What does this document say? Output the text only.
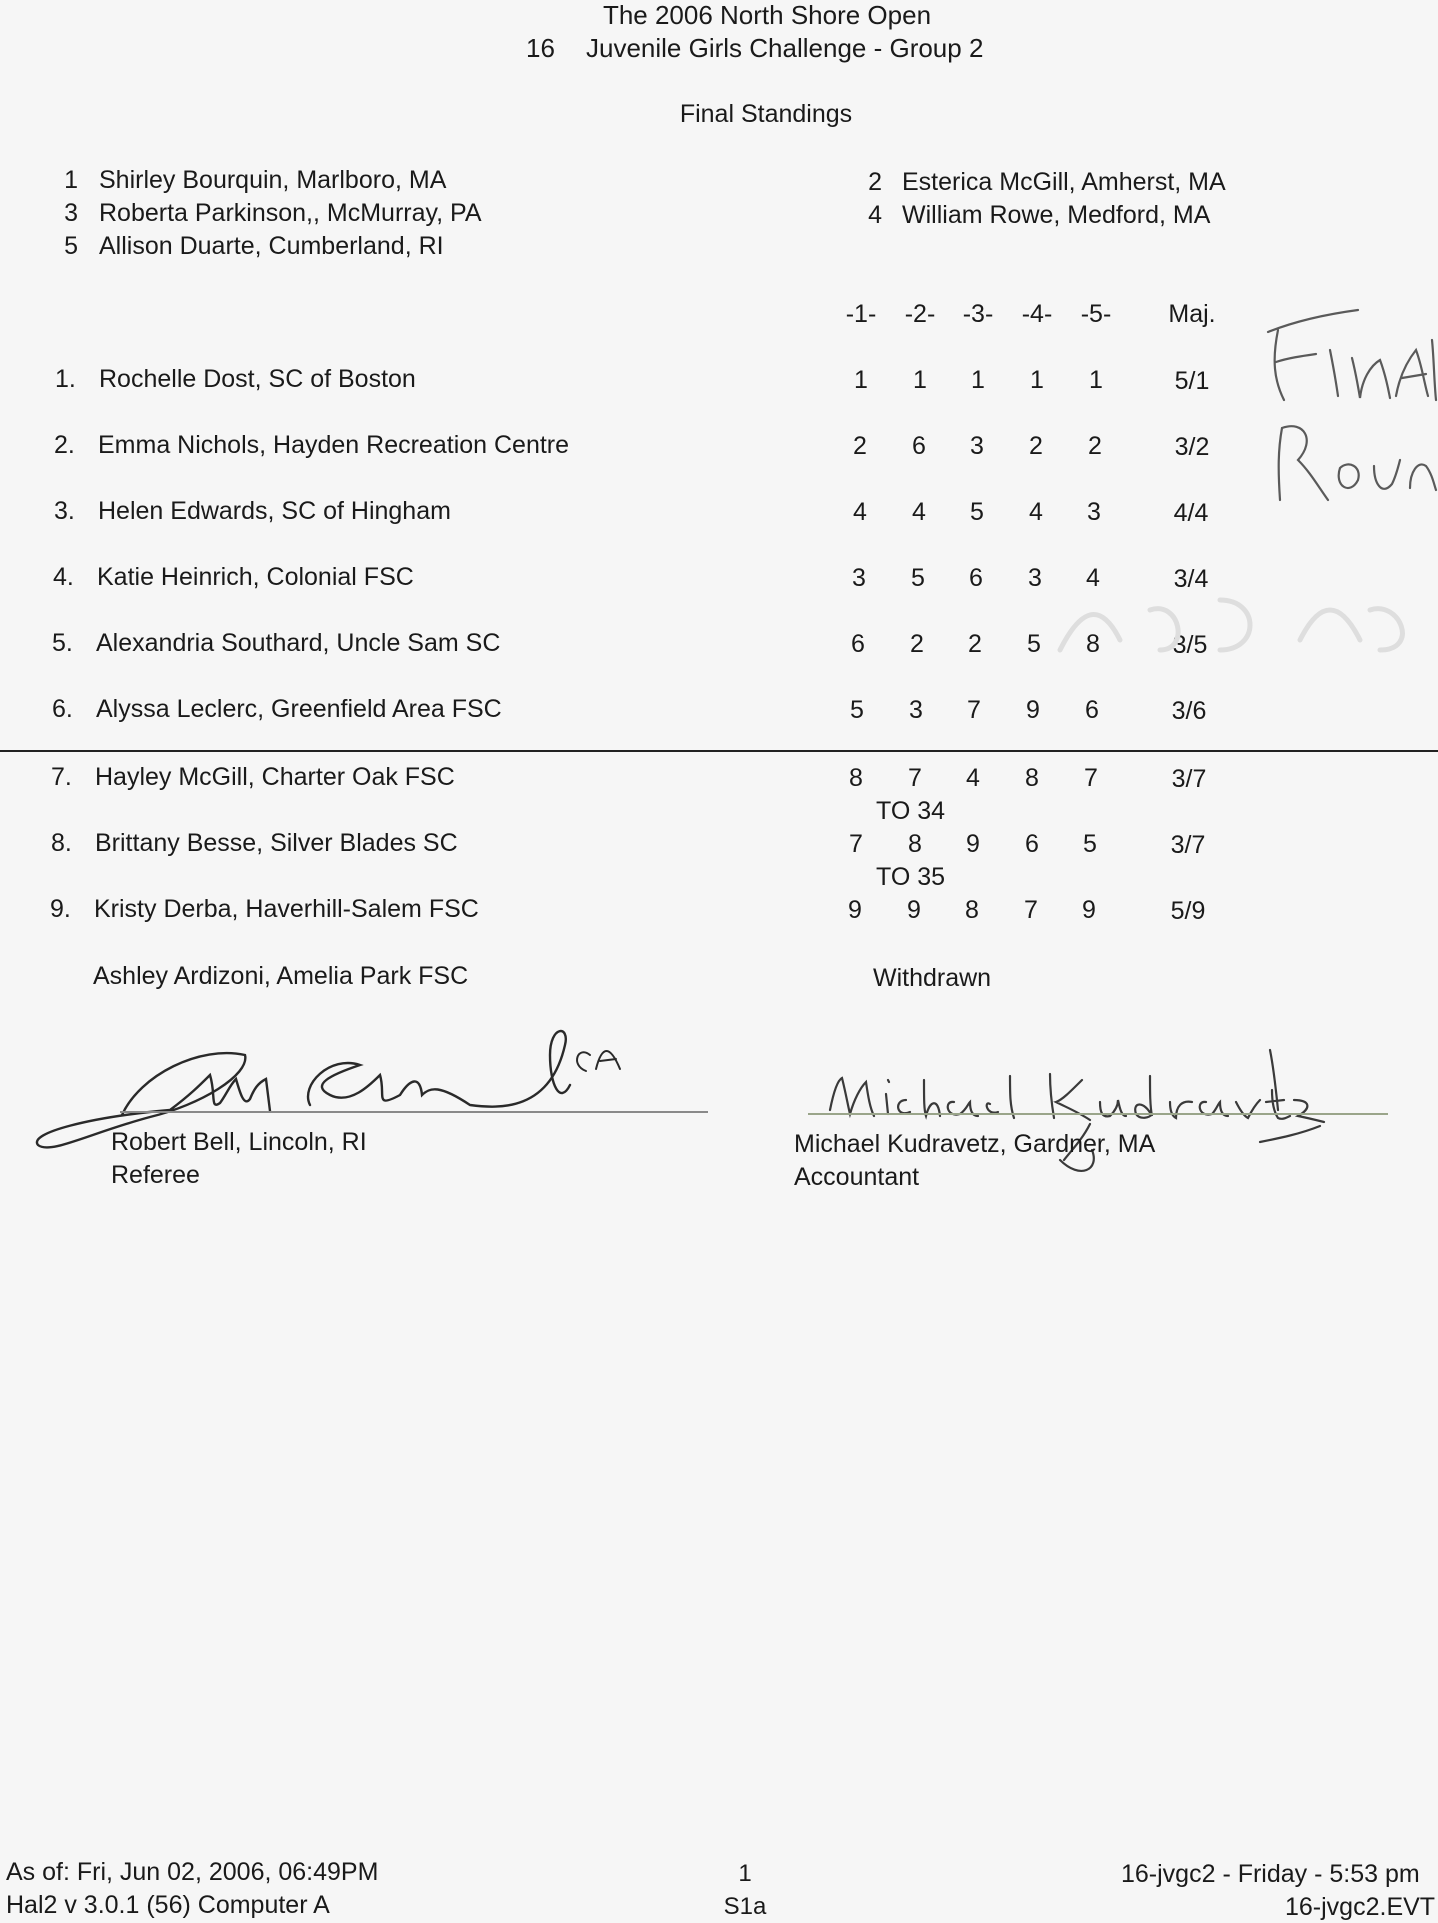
The 2006 North Shore Open
16 Juvenile Girls Challenge - Group 2
Final Standings
1 Shirley Bourquin, Marlboro, MA	2 Esterica McGill, Amherst, MA
3 Roberta Parkinson,, McMurray, PA	4 William Rowe, Medford, MA
5 Allison Duarte, Cumberland, RI
-1- -2- -3- -4- -5-	Maj.
1. Rochelle Dost, SC of Boston	1	1	1	1	1	5/1
2. Emma Nichols, Hayden Recreation Centre	2	6	3	2	2	3/2
3. Helen Edwards, SC of Hingham	4	4	5	4	3	4/4
4. Katie Heinrich, Colonial FSC	3	5	6	3	4	3/4
5. Alexandria Southard, Uncle Sam SC	6	2	2	5	8	3/5
6. Alyssa Leclerc, Greenfield Area FSC	5	3	7	9	6	3/6
7. Hayley McGill, Charter Oak FSC	8	7	4	8	7	3/7
TO 34
8. Brittany Besse, Silver Blades SC	7	8	9	6	5	3/7
TO 35
9. Kristy Derba, Haverhill-Salem FSC	9	9	8	7	9	5/9
Ashley Ardizoni, Amelia Park FSC	Withdrawn
Robert Bell, Lincoln, RI
Referee
Michael Kudravetz, Gardner, MA
Accountant
As of: Fri, Jun 02, 2006, 06:49PM
Hal2 v 3.0.1 (56) Computer A
1
S1a
16-jvgc2 - Friday - 5:53 pm
16-jvgc2.EVT
